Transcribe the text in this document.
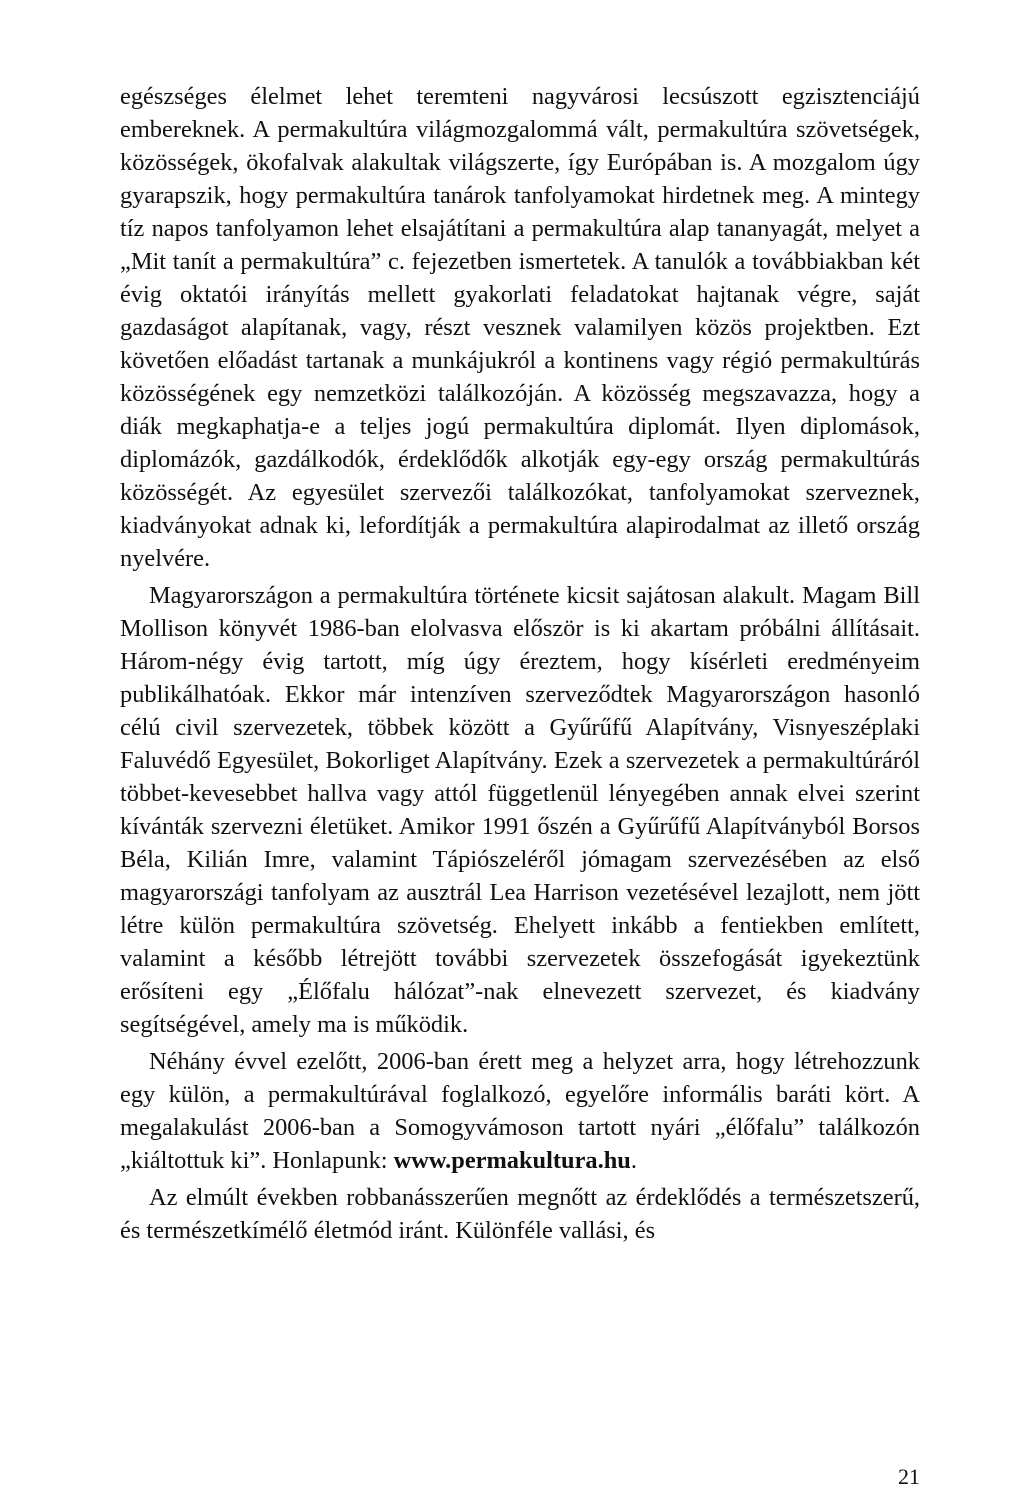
egészséges élelmet lehet teremteni nagyvárosi lecsúszott egzisztenciájú embereknek. A permakultúra világmozgalommá vált, permakultúra szövetségek, közösségek, ökofalvak alakultak világszerte, így Európában is. A mozgalom úgy gyarapszik, hogy permakultúra tanárok tanfolyamokat hirdetnek meg. A mintegy tíz napos tanfolyamon lehet elsajátítani a permakultúra alap tananyagát, melyet a „Mit tanít a permakultúra” c. fejezetben ismertetek. A tanulók a továbbiakban két évig oktatói irányítás mellett gyakorlati feladatokat hajtanak végre, saját gazdaságot alapítanak, vagy, részt vesznek valamilyen közös projektben. Ezt követően előadást tartanak a munkájukról a kontinens vagy régió permakultúrás közösségének egy nemzetközi találkozóján. A közösség megszavazza, hogy a diák megkaphatja-e a teljes jogú permakultúra diplomát. Ilyen diplomások, diplomázók, gazdálkodók, érdeklődők alkotják egy-egy ország permakultúrás közösségét. Az egyesület szervezői találkozókat, tanfolyamokat szerveznek, kiadványokat adnak ki, lefordítják a permakultúra alapirodalmat az illető ország nyelvére.

Magyarországon a permakultúra története kicsit sajátosan alakult. Magam Bill Mollison könyvét 1986-ban elolvasva először is ki akartam próbálni állításait. Három-négy évig tartott, míg úgy éreztem, hogy kísérleti eredményeim publikálhatóak. Ekkor már intenzíven szerveződtek Magyarországon hasonló célú civil szervezetek, többek között a Gyűrűfű Alapítvány, Visnyeszéplaki Faluvédő Egyesület, Bokorliget Alapítvány. Ezek a szervezetek a permakultúráról többet-kevesebbet hallva vagy attól függetlenül lényegében annak elvei szerint kívánták szervezni életüket. Amikor 1991 őszén a Gyűrűfű Alapítványból Borsos Béla, Kilián Imre, valamint Tápiószeléről jómagam szervezésében az első magyarországi tanfolyam az ausztrál Lea Harrison vezetésével lezajlott, nem jött létre külön permakultúra szövetség. Ehelyett inkább a fentiekben említett, valamint a később létrejött további szervezetek összefogását igyekeztünk erősíteni egy „Élőfalu hálózat”-nak elnevezett szervezet, és kiadvány segítségével, amely ma is működik.

Néhány évvel ezelőtt, 2006-ban érett meg a helyzet arra, hogy létrehozzunk egy külön, a permakultúrával foglalkozó, egyelőre informális baráti kört. A megalakulást 2006-ban a Somogyvámoson tartott nyári „élőfalu” találkozón „kiáltottuk ki”. Honlapunk: www.permakultura.hu.

Az elmúlt években robbanásszerűen megnőtt az érdeklődés a természetszerű, és természetkímélő életmód iránt. Különféle vallási, és

21
